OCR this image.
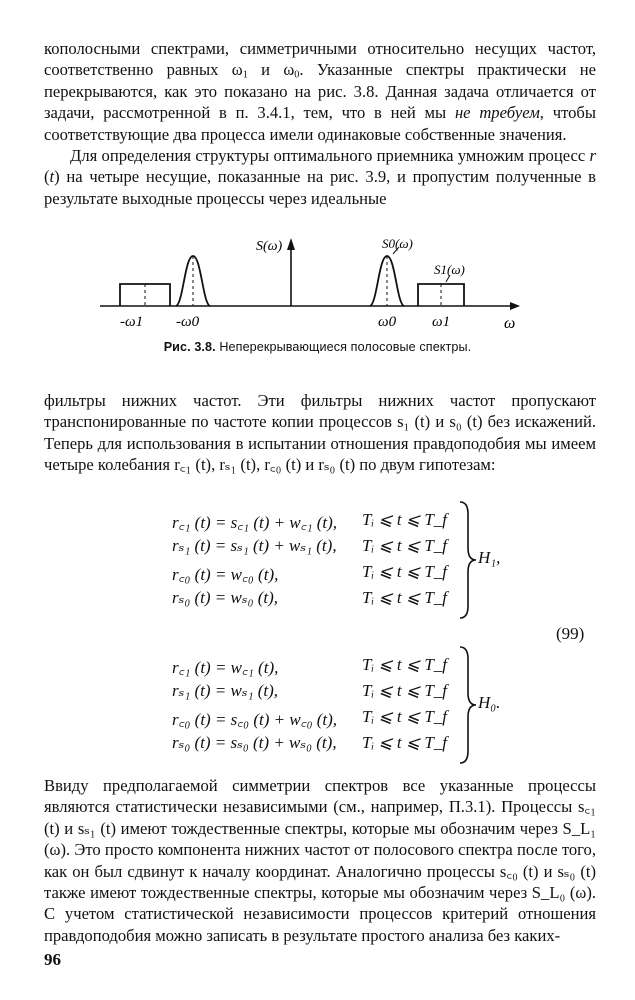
кополосными спектрами, симметричными относительно несущих частот, соответственно равных $\omega_1$ и $\omega_0$. Указанные спектры практически не перекрываются, как это показано на рис. 3.8. Данная задача отличается от задачи, рассмотренной в п. 3.4.1, тем, что в ней мы не требуем, чтобы соответствующие два процесса имели одинаковые собственные значения.

Для определения структуры оптимального приемника умножим процесс r (t) на четыре несущие, показанные на рис. 3.9, и пропустим полученные в результате выходные процессы через идеальные

S(ω)
ω
S0(ω)
S1(ω)
-ω1 -ω0	ω0 ω1
Рис. 3.8. Неперекрывающиеся полосовые спектры.

фильтры нижних частот. Эти фильтры нижних частот пропускают транспонированные по частоте копии процессов s₁ (t) и s₀ (t) без искажений. Теперь для использования в испытании отношения правдоподобия мы имеем четыре колебания r꜀₁ (t), rₛ₁ (t), r꜀₀ (t) и rₛ₀ (t) по двум гипотезам:

r꜀₁ (t) = s꜀₁ (t) + w꜀₁ (t), Tᵢ ⩽ t ⩽ T_f
rₛ₁ (t) = sₛ₁ (t) + wₛ₁ (t), Tᵢ ⩽ t ⩽ T_f
r꜀₀ (t) = w꜀₀ (t),	Tᵢ ⩽ t ⩽ T_f
rₛ₀ (t) = wₛ₀ (t),	Tᵢ ⩽ t ⩽ T_f
H₁,
(99)
r꜀₁ (t) = w꜀₁ (t),	Tᵢ ⩽ t ⩽ T_f
rₛ₁ (t) = wₛ₁ (t),	Tᵢ ⩽ t ⩽ T_f
r꜀₀ (t) = s꜀₀ (t) + w꜀₀ (t), Tᵢ ⩽ t ⩽ T_f
rₛ₀ (t) = sₛ₀ (t) + wₛ₀ (t), Tᵢ ⩽ t ⩽ T_f
H₀.

Ввиду предполагаемой симметрии спектров все указанные процессы являются статистически независимыми (см., например, П.3.1). Процессы s꜀₁ (t) и sₛ₁ (t) имеют тождественные спектры, которые мы обозначим через S_L₁ (ω). Это просто компонента нижних частот от полосового спектра после того, как он был сдвинут к началу координат. Аналогично процессы s꜀₀ (t) и sₛ₀ (t) также имеют тождественные спектры, которые мы обозначим через S_L₀ (ω). С учетом статистической независимости процессов критерий отношения правдоподобия можно записать в результате простого анализа без каких-

96
